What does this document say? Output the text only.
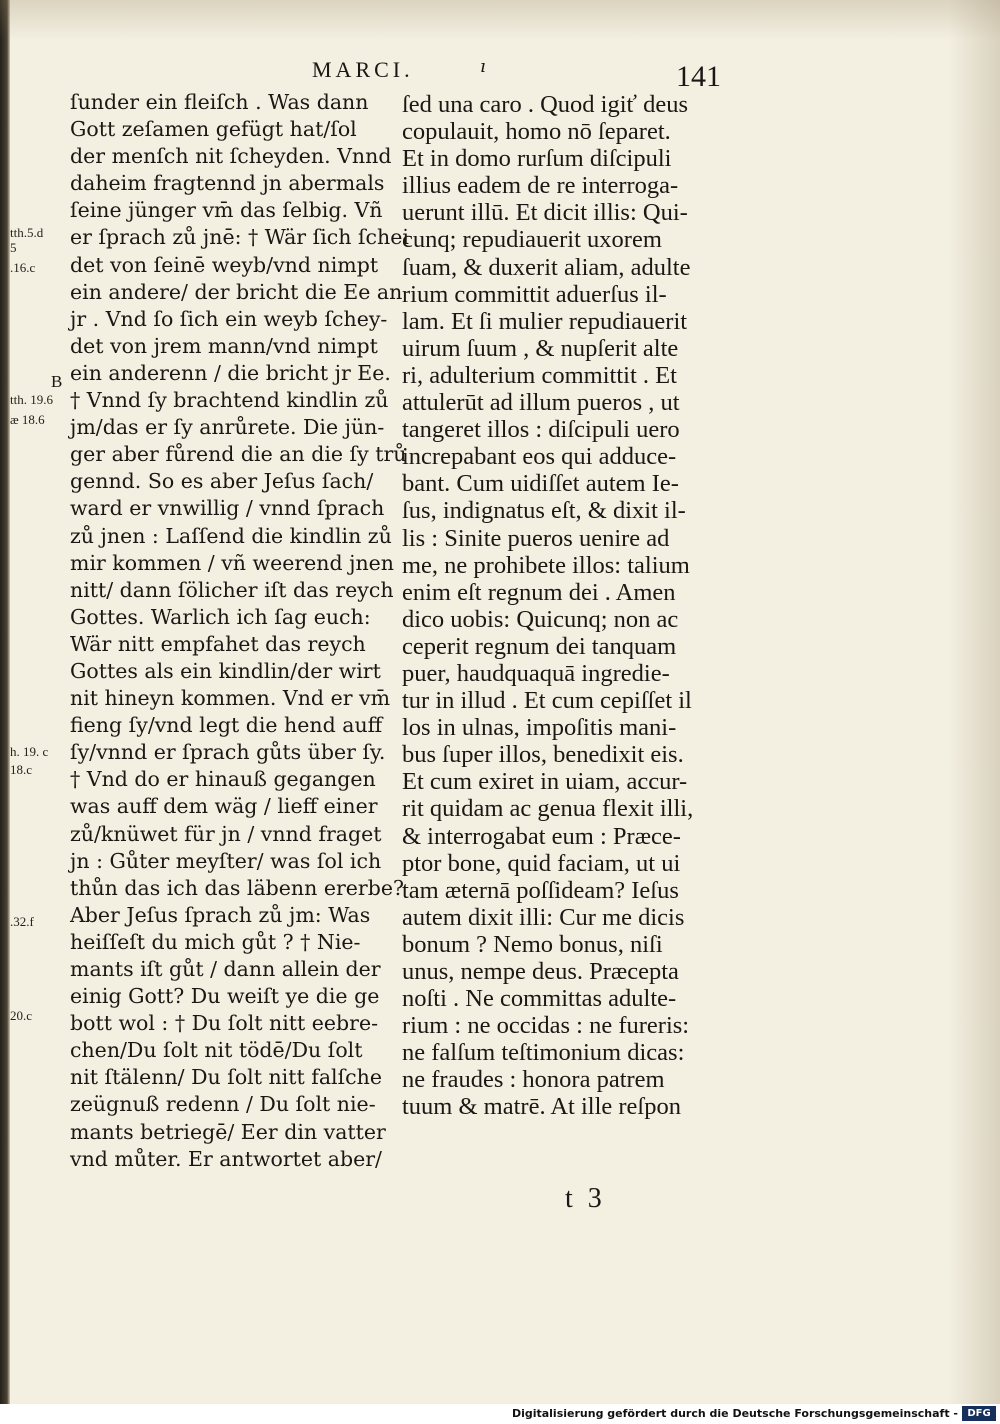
MARCI.	ı	141
tth.5.d
5
.16.c
B
tth. 19.6
æ 18.6
h. 19. c
18.c
.32.f
20.c
ſunder ein fleiſch . Was dann
Gott zeſamen gefügt hat/ſol
der menſch nit ſcheyden. Vnnd
daheim fragtennd jn abermals
ſeine jünger vm̄ das ſelbig. Vñ
er ſprach zů jnē: † Wär ſich ſchei
det von ſeinē weyb/vnd nimpt
ein andere/ der bricht die Ee an
jr . Vnd ſo ſich ein weyb ſchey-
det von jrem mann/vnd nimpt
ein anderenn / die bricht jr Ee.
† Vnnd ſy brachtend kindlin zů
jm/das er ſy anrůrete. Die jün-
ger aber fůrend die an die ſy trů
gennd. So es aber Jeſus ſach/
ward er vnwillig / vnnd ſprach
zů jnen : Laſſend die kindlin zů
mir kommen / vñ weerend jnen
nitt/ dann ſölicher iſt das reych
Gottes. Warlich ich ſag euch:
Wär nitt empfahet das reych
Gottes als ein kindlin/der wirt
nit hineyn kommen. Vnd er vm̄
fieng ſy/vnd legt die hend auff
ſy/vnnd er ſprach gůts über ſy.
† Vnd do er hinauß gegangen
was auff dem wäg / lieff einer
zů/knüwet für jn / vnnd fraget
jn : Gůter meyſter/ was ſol ich
thůn das ich das läbenn ererbe?
Aber Jeſus ſprach zů jm: Was
heiſſeſt du mich gůt ? † Nie-
mants iſt gůt / dann allein der
einig Gott? Du weiſt ye die ge
bott wol : † Du ſolt nitt eebre-
chen/Du ſolt nit tödē/Du ſolt
nit ſtälenn/ Du ſolt nitt falſche
zeügnuß redenn / Du ſolt nie-
mants betriegē/ Eer din vatter
vnd můter. Er antwortet aber/
ſed una caro . Quod igiť deus
copulauit, homo nō ſeparet.
Et in domo rurſum diſcipuli
illius eadem de re interroga-
uerunt illū. Et dicit illis: Qui-
cunq; repudiauerit uxorem
ſuam, & duxerit aliam, adulte
rium committit aduerſus il-
lam. Et ſi mulier repudiauerit
uirum ſuum , & nupſerit alte
ri, adulterium committit . Et
attulerūt ad illum pueros , ut
tangeret illos : diſcipuli uero
increpabant eos qui adduce-
bant. Cum uidiſſet autem Ie-
ſus, indignatus eſt, & dixit il-
lis : Sinite pueros uenire ad
me, ne prohibete illos: talium
enim eſt regnum dei . Amen
dico uobis: Quicunq; non ac
ceperit regnum dei tanquam
puer, haudquaquā ingredie-
tur in illud . Et cum cepiſſet il
los in ulnas, impoſitis mani-
bus ſuper illos, benedixit eis.
Et cum exiret in uiam, accur-
rit quidam ac genua flexit illi,
& interrogabat eum : Præce-
ptor bone, quid faciam, ut ui
tam æternā poſſideam? Ieſus
autem dixit illi: Cur me dicis
bonum ? Nemo bonus, niſi
unus, nempe deus. Præcepta
noſti . Ne committas adulte-
rium : ne occidas : ne fureris:
ne falſum teſtimonium dicas:
ne fraudes : honora patrem
tuum & matrē. At ille reſpon
t 3
Digitalisierung gefördert durch die Deutsche Forschungsgemeinschaft - DFG
